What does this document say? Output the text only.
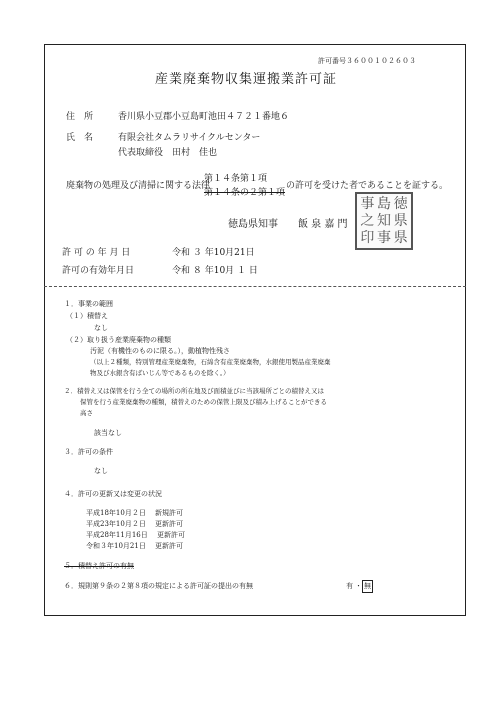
許可番号３６００１０２６０３
産業廃棄物収集運搬業許可証
住　所	香川県小豆郡小豆島町池田４７２１番地６
氏　名	有限会社タムラリサイクルセンター
代表取締役　田村　佳也
廃棄物の処理及び清掃に関する法律
第１４条第１項
第１４条の２第１項
の許可を受けた者であることを証する。
徳島県知事　　飯 泉 嘉 門
事 島 徳
之 知 県
印 事 県
許 可 の 年 月 日	令和 ３ 年10月21日
許可の有効年月日	令和 ８ 年10月 １ 日
１．事業の範囲
（１）積替え
なし
（２）取り扱う産業廃棄物の種類
汚泥（有機性のものに限る。），動植物性残さ
（以上２種類，特別管理産業廃棄物，石綿含有産業廃棄物，水銀使用製品産業廃棄
物及び水銀含有ばいじん等であるものを除く。）
２．積替え又は保管を行う全ての場所の所在地及び面積並びに当該場所ごとの積替え又は
保管を行う産業廃棄物の種類，積替えのための保管上限及び積み上げることができる
高さ
該当なし
３．許可の条件
なし
４．許可の更新又は変更の状況
平成18年10月２日　 新規許可
平成23年10月２日　 更新許可
平成28年11月16日　 更新許可
令和３年10月21日　 更新許可
５．積替え許可の有無
６．規則第９条の２第８項の規定による許可証の提出の有無	有 ・ 無
